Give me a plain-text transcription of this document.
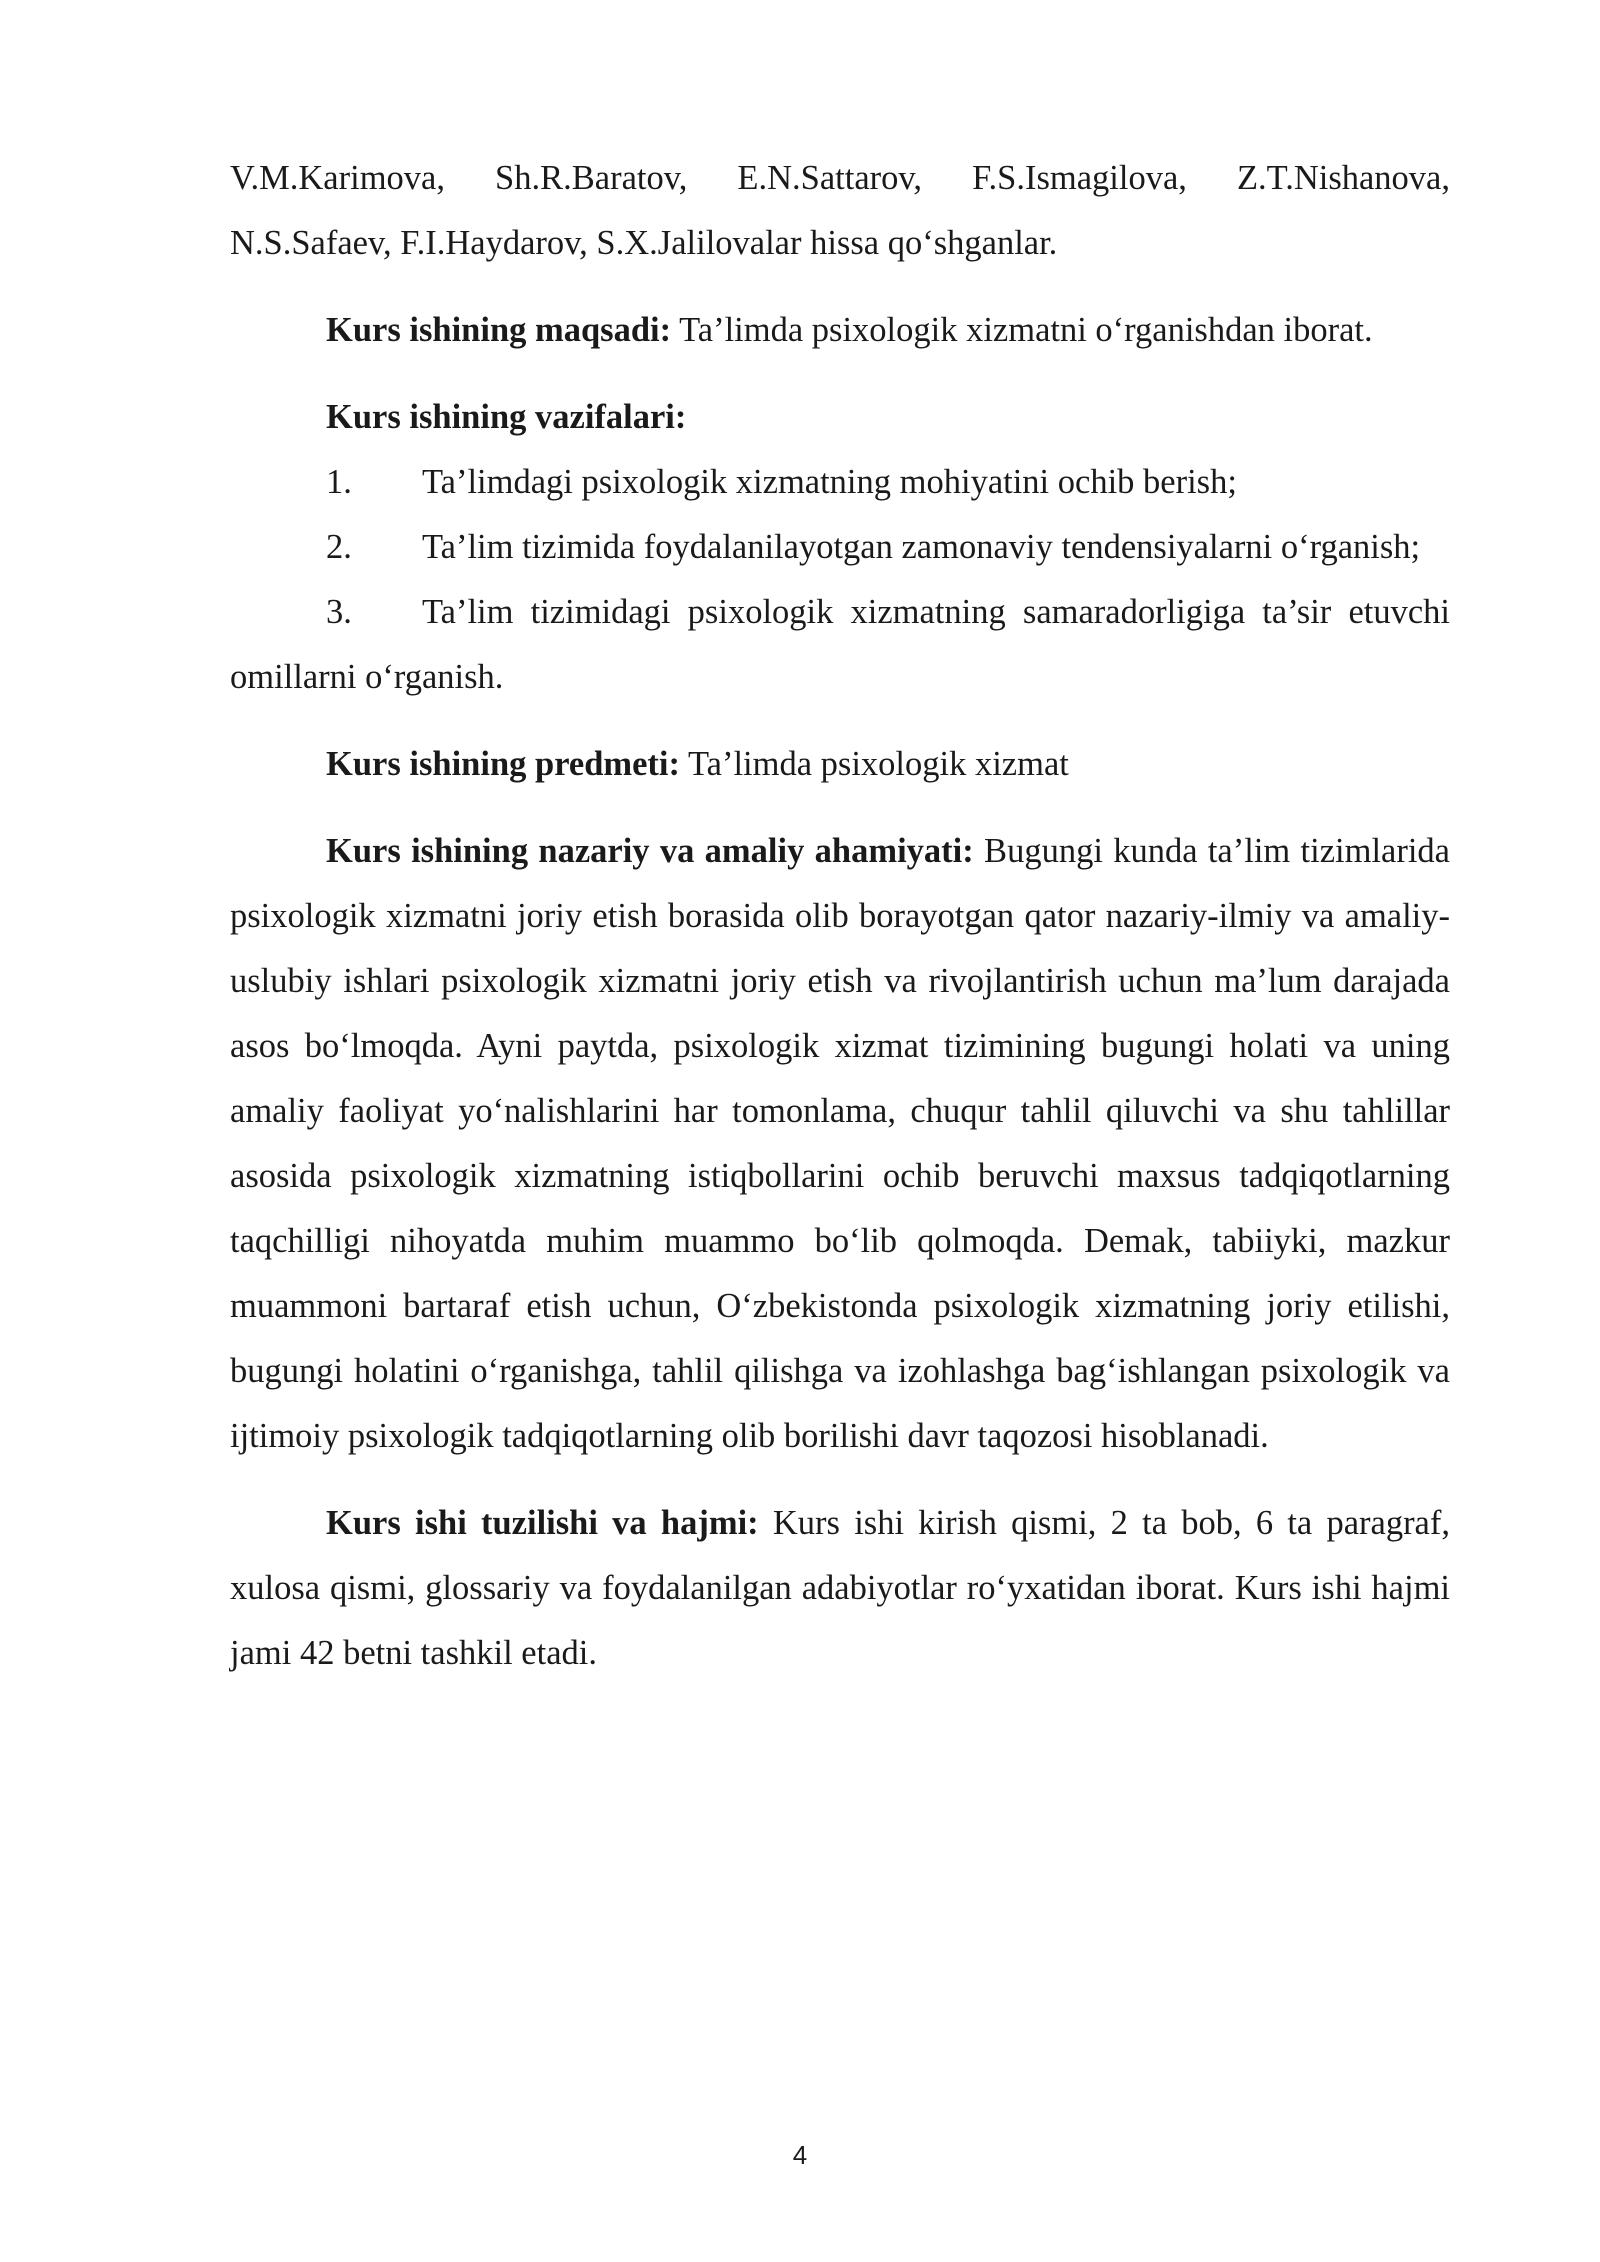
V.M.Karimova, Sh.R.Baratov, E.N.Sattarov, F.S.Ismagilova, Z.T.Nishanova, N.S.Safaev, F.I.Haydarov, S.X.Jalilovalar hissa qo‘shganlar.

Kurs ishining maqsadi: Ta’limda psixologik xizmatni o‘rganishdan iborat.

Kurs ishining vazifalari:

1. Ta’limdagi psixologik xizmatning mohiyatini ochib berish;

2. Ta’lim tizimida foydalanilayotgan zamonaviy tendensiyalarni o‘rganish;

3. Ta’lim tizimidagi psixologik xizmatning samaradorligiga ta’sir etuvchi omillarni o‘rganish.

Kurs ishining predmeti: Ta’limda psixologik xizmat

Kurs ishining nazariy va amaliy ahamiyati: Bugungi kunda ta’lim tizimlarida psixologik xizmatni joriy etish borasida olib borayotgan qator nazariy-ilmiy va amaliy-uslubiy ishlari psixologik xizmatni joriy etish va rivojlantirish uchun ma’lum darajada asos bo‘lmoqda. Ayni paytda, psixologik xizmat tizimining bugungi holati va uning amaliy faoliyat yo‘nalishlarini har tomonlama, chuqur tahlil qiluvchi va shu tahlillar asosida psixologik xizmatning istiqbollarini ochib beruvchi maxsus tadqiqotlarning taqchilligi nihoyatda muhim muammo bo‘lib qolmoqda. Demak, tabiiyki, mazkur muammoni bartaraf etish uchun, O‘zbekistonda psixologik xizmatning joriy etilishi, bugungi holatini o‘rganishga, tahlil qilishga va izohlashga bag‘ishlangan psixologik va ijtimoiy psixologik tadqiqotlarning olib borilishi davr taqozosi hisoblanadi.

Kurs ishi tuzilishi va hajmi: Kurs ishi kirish qismi, 2 ta bob, 6 ta paragraf, xulosa qismi, glossariy va foydalanilgan adabiyotlar ro‘yxatidan iborat. Kurs ishi hajmi jami 42 betni tashkil etadi.

4
